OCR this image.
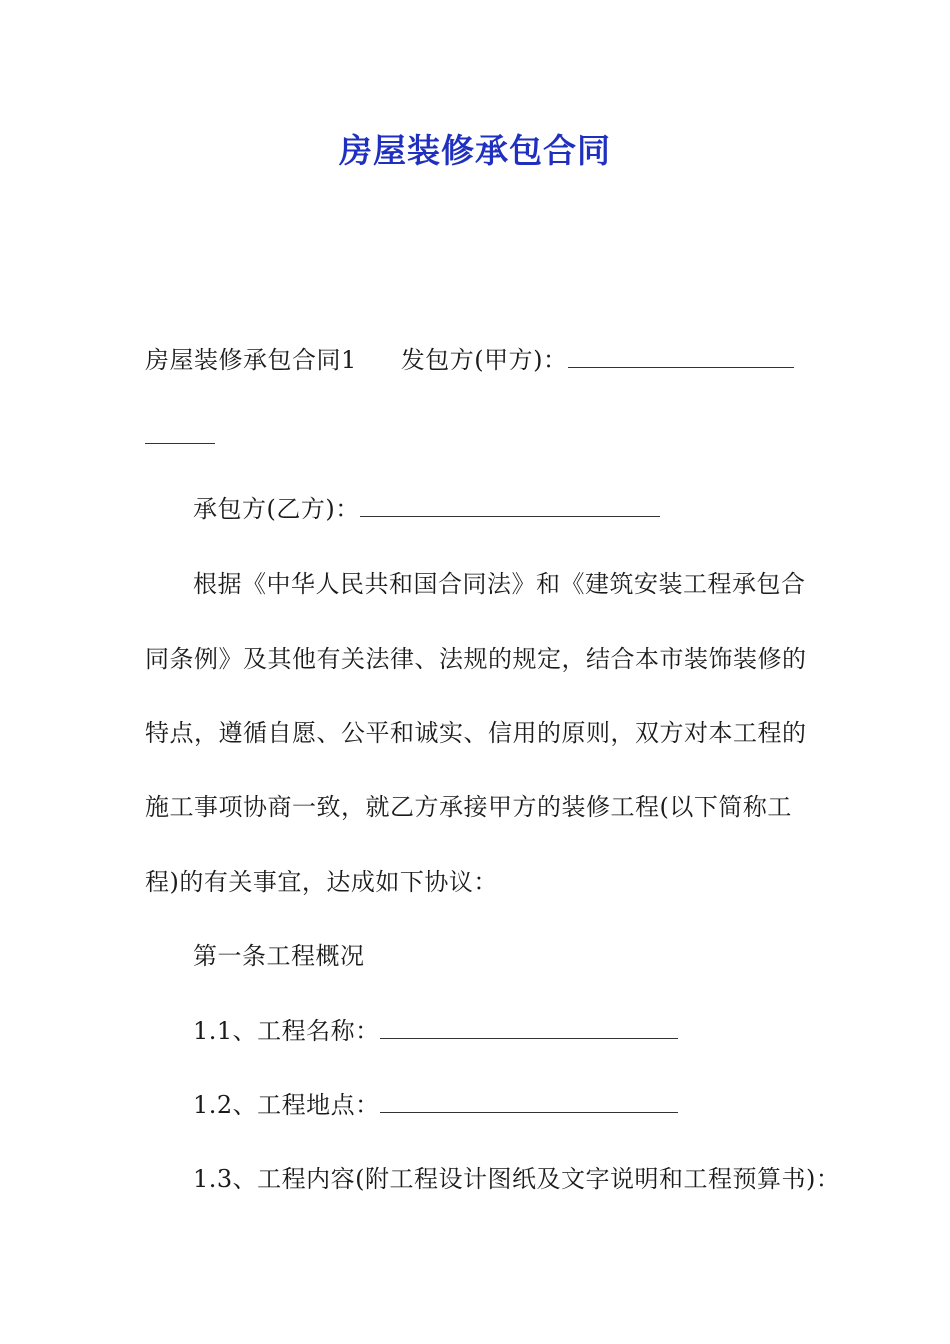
房屋装修承包合同
房屋装修承包合同1 发包方(甲方)：
承包方(乙方)：
根据《中华人民共和国合同法》和《建筑安装工程承包合
同条例》及其他有关法律、法规的规定，结合本市装饰装修的
特点，遵循自愿、公平和诚实、信用的原则，双方对本工程的
施工事项协商一致，就乙方承接甲方的装修工程(以下简称工
程)的有关事宜，达成如下协议：
第一条工程概况
1.1、工程名称：
1.2、工程地点：
1.3、工程内容(附工程设计图纸及文字说明和工程预算书)：
